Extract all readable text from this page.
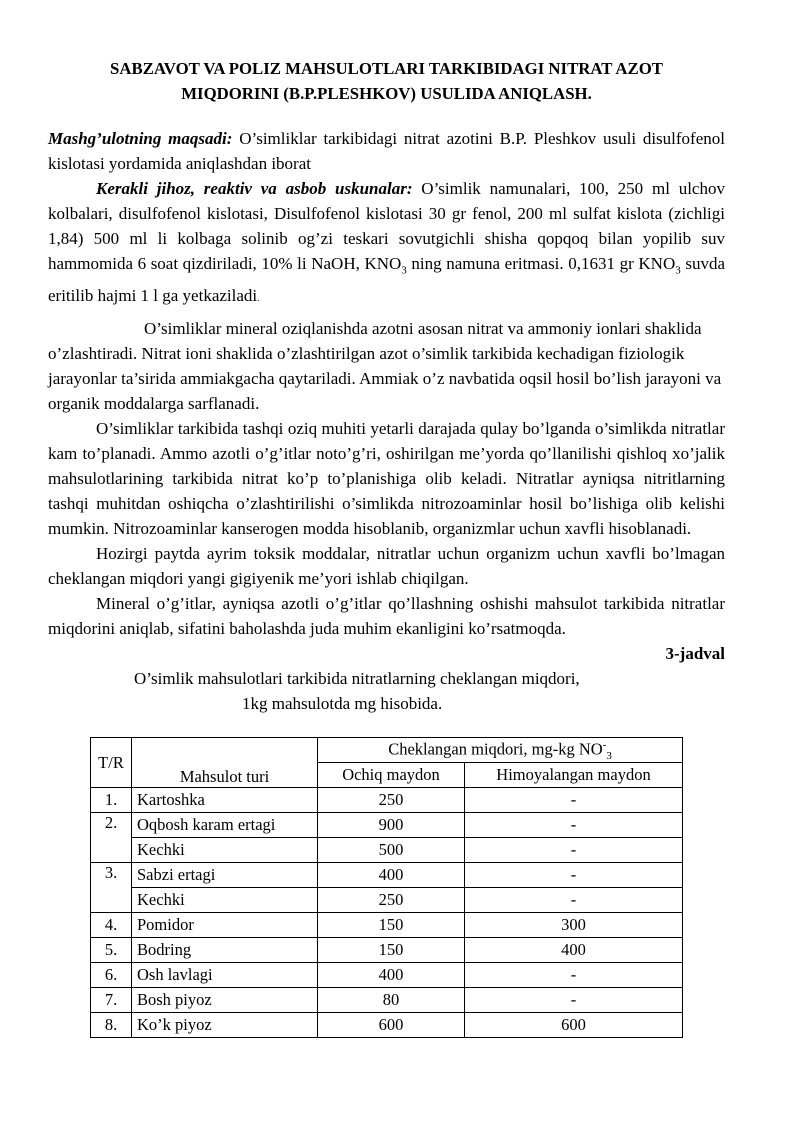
SABZAVOT VA POLIZ MAHSULOTLARI TARKIBIDAGI NITRAT AZOT
MIQDORINI (B.P.PLESHKOV) USULIDA ANIQLASH.

Mashg’ulotning maqsadi: O’simliklar tarkibidagi nitrat azotini B.P. Pleshkov usuli disulfofenol kislotasi yordamida aniqlashdan iborat

Kerakli jihoz, reaktiv va asbob uskunalar: O’simlik namunalari, 100, 250 ml ulchov kolbalari, disulfofenol kislotasi, Disulfofenol kislotasi 30 gr fenol, 200 ml sulfat kislota (zichligi 1,84) 500 ml li kolbaga solinib og’zi teskari sovutgichli shisha qopqoq bilan yopilib suv hammomida 6 soat qizdiriladi, 10% li NaOH, $KNO_3$ ning namuna eritmasi. 0,1631 gr $KNO_3$ suvda eritilib hajmi 1 l ga yetkaziladi.

O’simliklar mineral oziqlanishda azotni asosan nitrat va ammoniy ionlari shaklida o’zlashtiradi. Nitrat ioni shaklida o’zlashtirilgan azot o’simlik tarkibida kechadigan fiziologik jarayonlar ta’sirida ammiakgacha qaytariladi. Ammiak o’z navbatida oqsil hosil bo’lish jarayoni va organik moddalarga sarflanadi.

O’simliklar tarkibida tashqi oziq muhiti yetarli darajada qulay bo’lganda o’simlikda nitratlar kam to’planadi. Ammo azotli o’g’itlar noto’g’ri, oshirilgan me’yorda qo’llanilishi qishloq xo’jalik mahsulotlarining tarkibida nitrat ko’p to’planishiga olib keladi. Nitratlar ayniqsa nitritlarning tashqi muhitdan oshiqcha o’zlashtirilishi o’simlikda nitrozoaminlar hosil bo’lishiga olib kelishi mumkin. Nitrozoaminlar kanserogen modda hisoblanib, organizmlar uchun xavfli hisoblanadi.

Hozirgi paytda ayrim toksik moddalar, nitratlar uchun organizm uchun xavfli bo’lmagan cheklangan miqdori yangi gigiyenik me’yori ishlab chiqilgan.

Mineral o’g’itlar, ayniqsa azotli o’g’itlar qo’llashning oshishi mahsulot tarkibida nitratlar miqdorini aniqlab, sifatini baholashda juda muhim ekanligini ko’rsatmoqda.

3-jadval

O’simlik mahsulotlari tarkibida nitratlarning cheklangan miqdori,

1kg mahsulotda mg hisobida.

T/R	Mahsulot turi	Cheklangan miqdori, mg-kg $NO^-_3$
		Ochiq maydon	Himoyalangan maydon
1.	Kartoshka	250	-
2.	Oqbosh karam ertagi	900	-
	Kechki	500	-
3.	Sabzi ertagi	400	-
	Kechki	250	-
4.	Pomidor	150	300
5.	Bodring	150	400
6.	Osh lavlagi	400	-
7.	Bosh piyoz	80	-
8.	Ko’k piyoz	600	600
